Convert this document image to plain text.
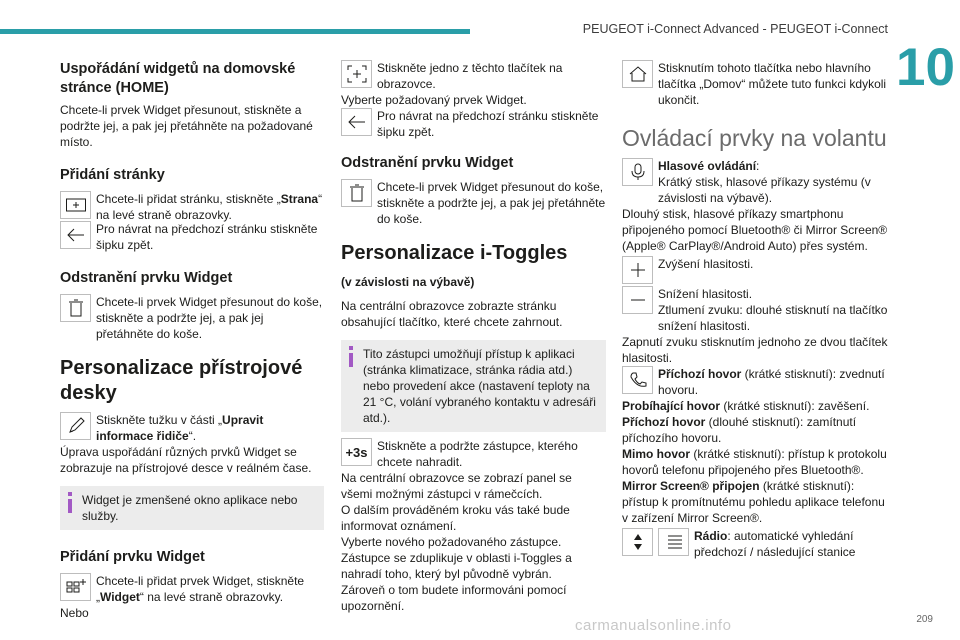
PEUGEOT i-Connect Advanced - PEUGEOT i-Connect
10

Uspořádání widgetů na domovské stránce (HOME)

Chcete-li prvek Widget přesunout, stiskněte a podržte jej, a pak jej přetáhněte na požadované místo.

Přidání stránky

Chcete-li přidat stránku, stiskněte „Strana“ na levé straně obrazovky.

Pro návrat na předchozí stránku stiskněte šipku zpět.

Odstranění prvku Widget

Chcete-li prvek Widget přesunout do koše, stiskněte a podržte jej, a pak jej přetáhněte do koše.

Personalizace přístrojové desky

Stiskněte tužku v části „Upravit informace řidiče“.

Úprava uspořádání různých prvků Widget se zobrazuje na přístrojové desce v reálném čase.

Widget je zmenšené okno aplikace nebo služby.

Přidání prvku Widget

Chcete-li přidat prvek Widget, stiskněte „Widget“ na levé straně obrazovky.

Nebo

Stiskněte jedno z těchto tlačítek na obrazovce.

Vyberte požadovaný prvek Widget.

Pro návrat na předchozí stránku stiskněte šipku zpět.

Odstranění prvku Widget

Chcete-li prvek Widget přesunout do koše, stiskněte a podržte jej, a pak jej přetáhněte do koše.

Personalizace i-Toggles

(v závislosti na výbavě)

Na centrální obrazovce zobrazte stránku obsahující tlačítko, které chcete zahrnout.

Tito zástupci umožňují přístup k aplikaci (stránka klimatizace, stránka rádia atd.) nebo provedení akce (nastavení teploty na 21 °C, volání vybraného kontaktu v adresáři atd.).

+3s Stiskněte a podržte zástupce, kterého chcete nahradit.

Na centrální obrazovce se zobrazí panel se všemi možnými zástupci v rámečcích.
O dalším prováděném kroku vás také bude informovat oznámení.
Vyberte nového požadovaného zástupce.
Zástupce se zduplikuje v oblasti i-Toggles a nahradí toho, který byl původně vybrán.
Zároveň o tom budete informováni pomocí upozornění.

Stisknutím tohoto tlačítka nebo hlavního tlačítka „Domov“ můžete tuto funkci kdykoli ukončit.

Ovládací prvky na volantu

Hlasové ovládání:
Krátký stisk, hlasové příkazy systému (v závislosti na výbavě).

Dlouhý stisk, hlasové příkazy smartphonu připojeného pomocí Bluetooth® či Mirror Screen® (Apple® CarPlay®/Android Auto) přes systém.

Zvýšení hlasitosti.

Snížení hlasitosti.
Ztlumení zvuku: dlouhé stisknutí na tlačítko snížení hlasitosti.

Zapnutí zvuku stisknutím jednoho ze dvou tlačítek hlasitosti.

Příchozí hovor (krátké stisknutí): zvednutí hovoru.

Probíhající hovor (krátké stisknutí): zavěšení.

Příchozí hovor (dlouhé stisknutí): zamítnutí příchozího hovoru.

Mimo hovor (krátké stisknutí): přístup k protokolu hovorů telefonu připojeného přes Bluetooth®.

Mirror Screen® připojen (krátké stisknutí): přístup k promítnutému pohledu aplikace telefonu v zařízení Mirror Screen®.

Rádio: automatické vyhledání předchozí / následující stanice

carmanualsonline.info	209
